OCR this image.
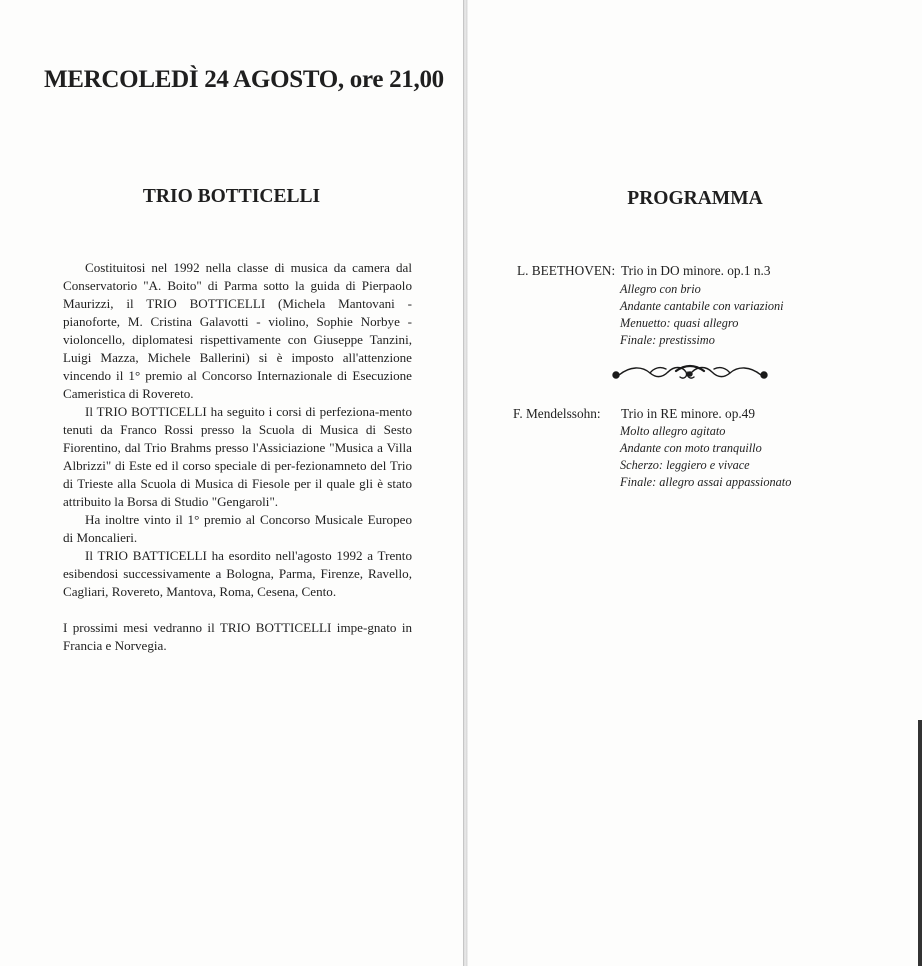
MERCOLEDÌ 24 AGOSTO, ore 21,00
TRIO BOTTICELLI

Costituitosi nel 1992 nella classe di musica da camera dal Conservatorio "A. Boito" di Parma sotto la guida di Pierpaolo Maurizzi, il TRIO BOTTICELLI (Michela Mantovani - pianoforte, M. Cristina Galavotti - violino, Sophie Norbye - violoncello, diplomatesi rispettivamente con Giuseppe Tanzini, Luigi Mazza, Michele Ballerini) si è imposto all'attenzione vincendo il 1° premio al Concorso Internazionale di Esecuzione Cameristica di Rovereto.

Il TRIO BOTTICELLI ha seguito i corsi di perfeziona-mento tenuti da Franco Rossi presso la Scuola di Musica di Sesto Fiorentino, dal Trio Brahms presso l'Assiciazione "Musica a Villa Albrizzi" di Este ed il corso speciale di per-fezionamneto del Trio di Trieste alla Scuola di Musica di Fiesole per il quale gli è stato attribuito la Borsa di Studio "Gengaroli".

Ha inoltre vinto il 1° premio al Concorso Musicale Europeo di Moncalieri.

Il TRIO BATTICELLI ha esordito nell'agosto 1992 a Trento esibendosi successivamente a Bologna, Parma, Firenze, Ravello, Cagliari, Rovereto, Mantova, Roma, Cesena, Cento.

I prossimi mesi vedranno il TRIO BOTTICELLI impe-gnato in Francia e Norvegia.

PROGRAMMA
L. BEETHOVEN: Trio in DO minore. op.1 n.3
Allegro con brio
Andante cantabile con variazioni
Menuetto: quasi allegro
Finale: prestissimo
F. Mendelssohn: Trio in RE minore. op.49
Molto allegro agitato
Andante con moto tranquillo
Scherzo: leggiero e vivace
Finale: allegro assai appassionato
